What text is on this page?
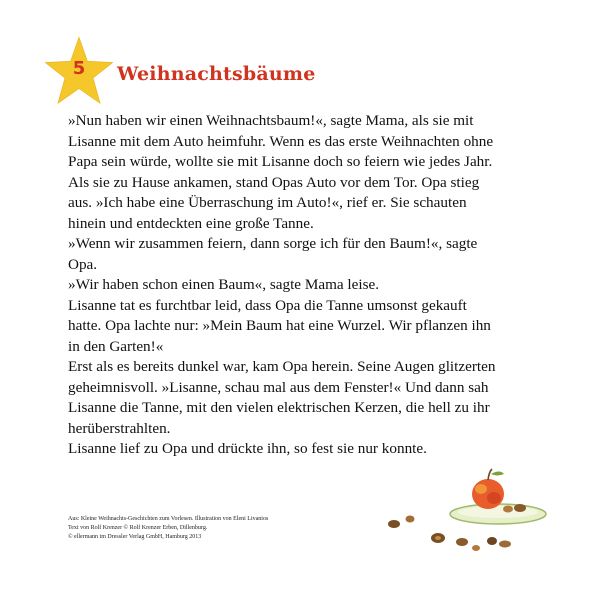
5	Weihnachtsbäume

»Nun haben wir einen Weihnachtsbaum!«, sagte Mama, als sie mit

Lisanne mit dem Auto heimfuhr. Wenn es das erste Weihnachten ohne

Papa sein würde, wollte sie mit Lisanne doch so feiern wie jedes Jahr.

Als sie zu Hause ankamen, stand Opas Auto vor dem Tor. Opa stieg

aus. »Ich habe eine Überraschung im Auto!«, rief er. Sie schauten

hinein und entdeckten eine große Tanne.

»Wenn wir zusammen feiern, dann sorge ich für den Baum!«, sagte

Opa.

»Wir haben schon einen Baum«, sagte Mama leise.

Lisanne tat es furchtbar leid, dass Opa die Tanne umsonst gekauft

hatte. Opa lachte nur: »Mein Baum hat eine Wurzel. Wir pflanzen ihn

in den Garten!«

Erst als es bereits dunkel war, kam Opa herein. Seine Augen glitzerten

geheimnisvoll. »Lisanne, schau mal aus dem Fenster!« Und dann sah

Lisanne die Tanne, mit den vielen elektrischen Kerzen, die hell zu ihr

herüberstrahlten.

Lisanne lief zu Opa und drückte ihn, so fest sie nur konnte.

Aus: Kleine Weihnachts-Geschichten zum Vorlesen. Illustration von Eleni Livanios

Text von Rolf Krenzer © Rolf Krenzer Erben, Dillenburg.

© ellermann im Dressler Verlag GmbH, Hamburg 2013
